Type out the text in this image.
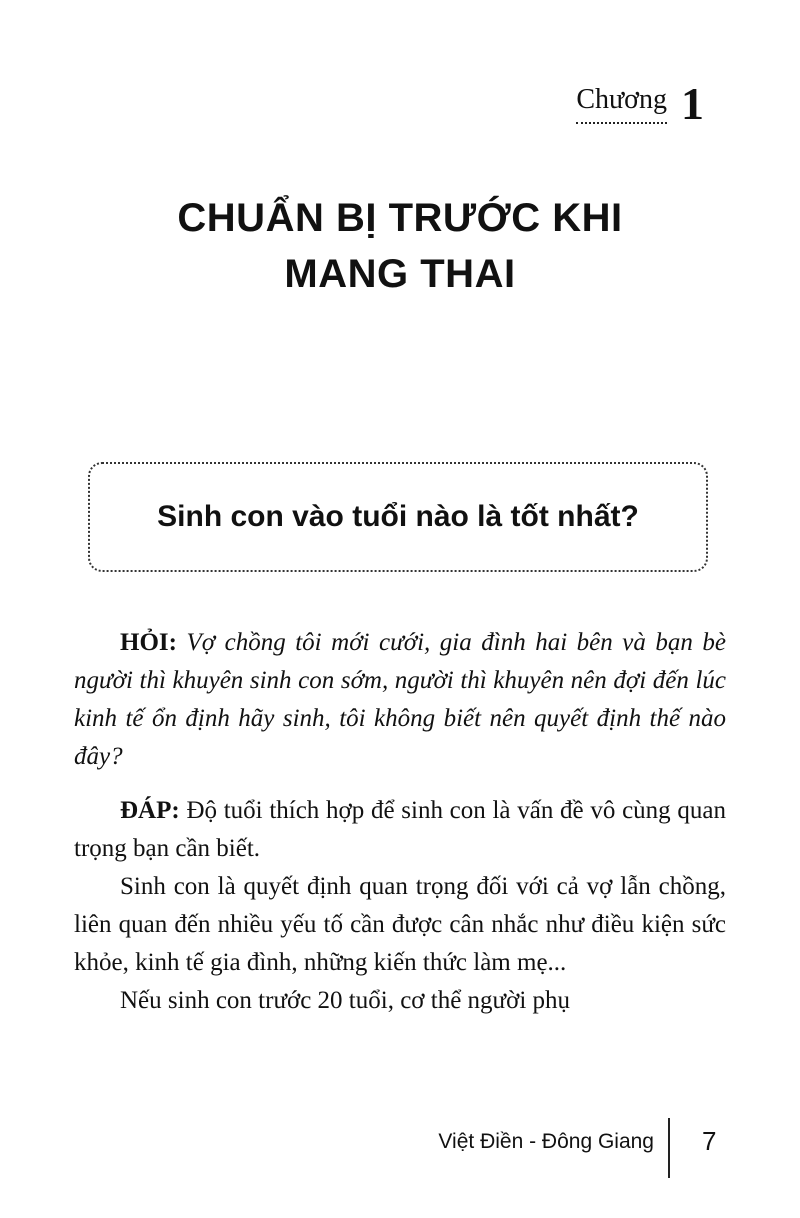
Chương 1
CHUẨN BỊ TRƯỚC KHI
MANG THAI
Sinh con vào tuổi nào là tốt nhất?

HỎI: Vợ chồng tôi mới cưới, gia đình hai bên và bạn bè người thì khuyên sinh con sớm, người thì khuyên nên đợi đến lúc kinh tế ổn định hãy sinh, tôi không biết nên quyết định thế nào đây?

ĐÁP: Độ tuổi thích hợp để sinh con là vấn đề vô cùng quan trọng bạn cần biết.

Sinh con là quyết định quan trọng đối với cả vợ lẫn chồng, liên quan đến nhiều yếu tố cần được cân nhắc như điều kiện sức khỏe, kinh tế gia đình, những kiến thức làm mẹ...

Nếu sinh con trước 20 tuổi, cơ thể người phụ

Việt Điền - Đông Giang 7
